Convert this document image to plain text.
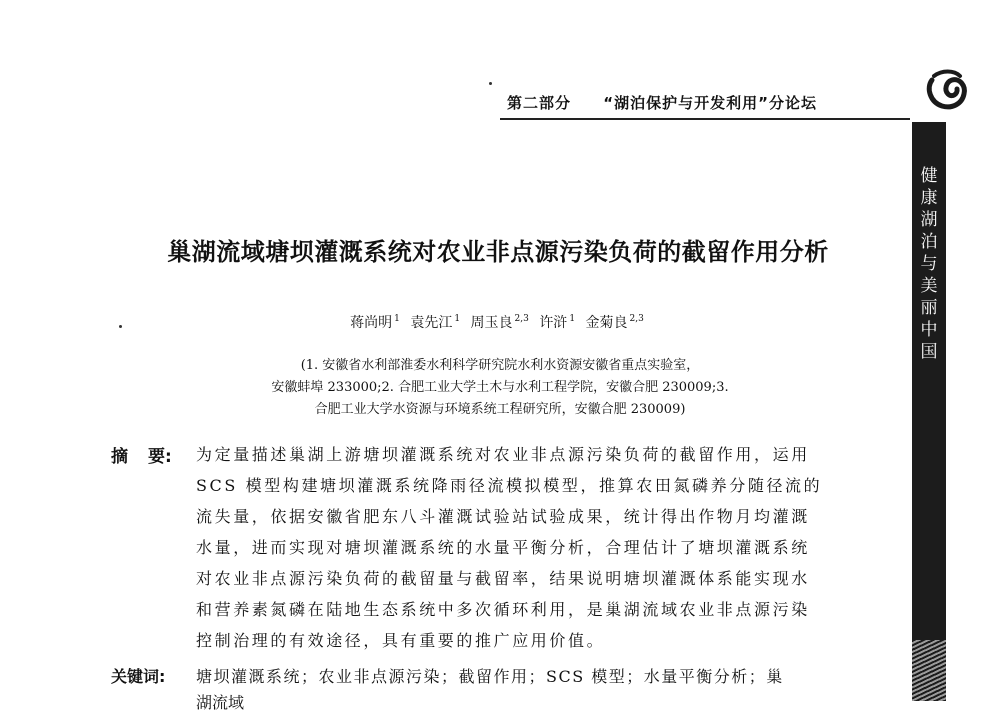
第二部分 “湖泊保护与开发利用”分论坛
健
康
湖
泊
与
美
丽
中
国
巢湖流域塘坝灌溉系统对农业非点源污染负荷的截留作用分析
蒋尚明 $^1$ 袁先江 $^1$ 周玉良 $^{2,3}$ 许浒 $^1$ 金菊良 $^{2,3}$
(1. 安徽省水利部淮委水利科学研究院水利水资源安徽省重点实验室，
安徽蚌埠 233000;2. 合肥工业大学土木与水利工程学院，安徽合肥 230009;3.
合肥工业大学水资源与环境系统工程研究所，安徽合肥 230009)
摘 要: 为定量描述巢湖上游塘坝灌溉系统对农业非点源污染负荷的截留作用，运用
SCS 模型构建塘坝灌溉系统降雨径流模拟模型，推算农田氮磷养分随径流的
流失量，依据安徽省肥东八斗灌溉试验站试验成果，统计得出作物月均灌溉
水量，进而实现对塘坝灌溉系统的水量平衡分析，合理估计了塘坝灌溉系统
对农业非点源污染负荷的截留量与截留率，结果说明塘坝灌溉体系能实现水
和营养素氮磷在陆地生态系统中多次循环利用，是巢湖流域农业非点源污染
控制治理的有效途径，具有重要的推广应用价值。
关键词: 塘坝灌溉系统；农业非点源污染；截留作用；SCS 模型；水量平衡分析；巢
湖流域
